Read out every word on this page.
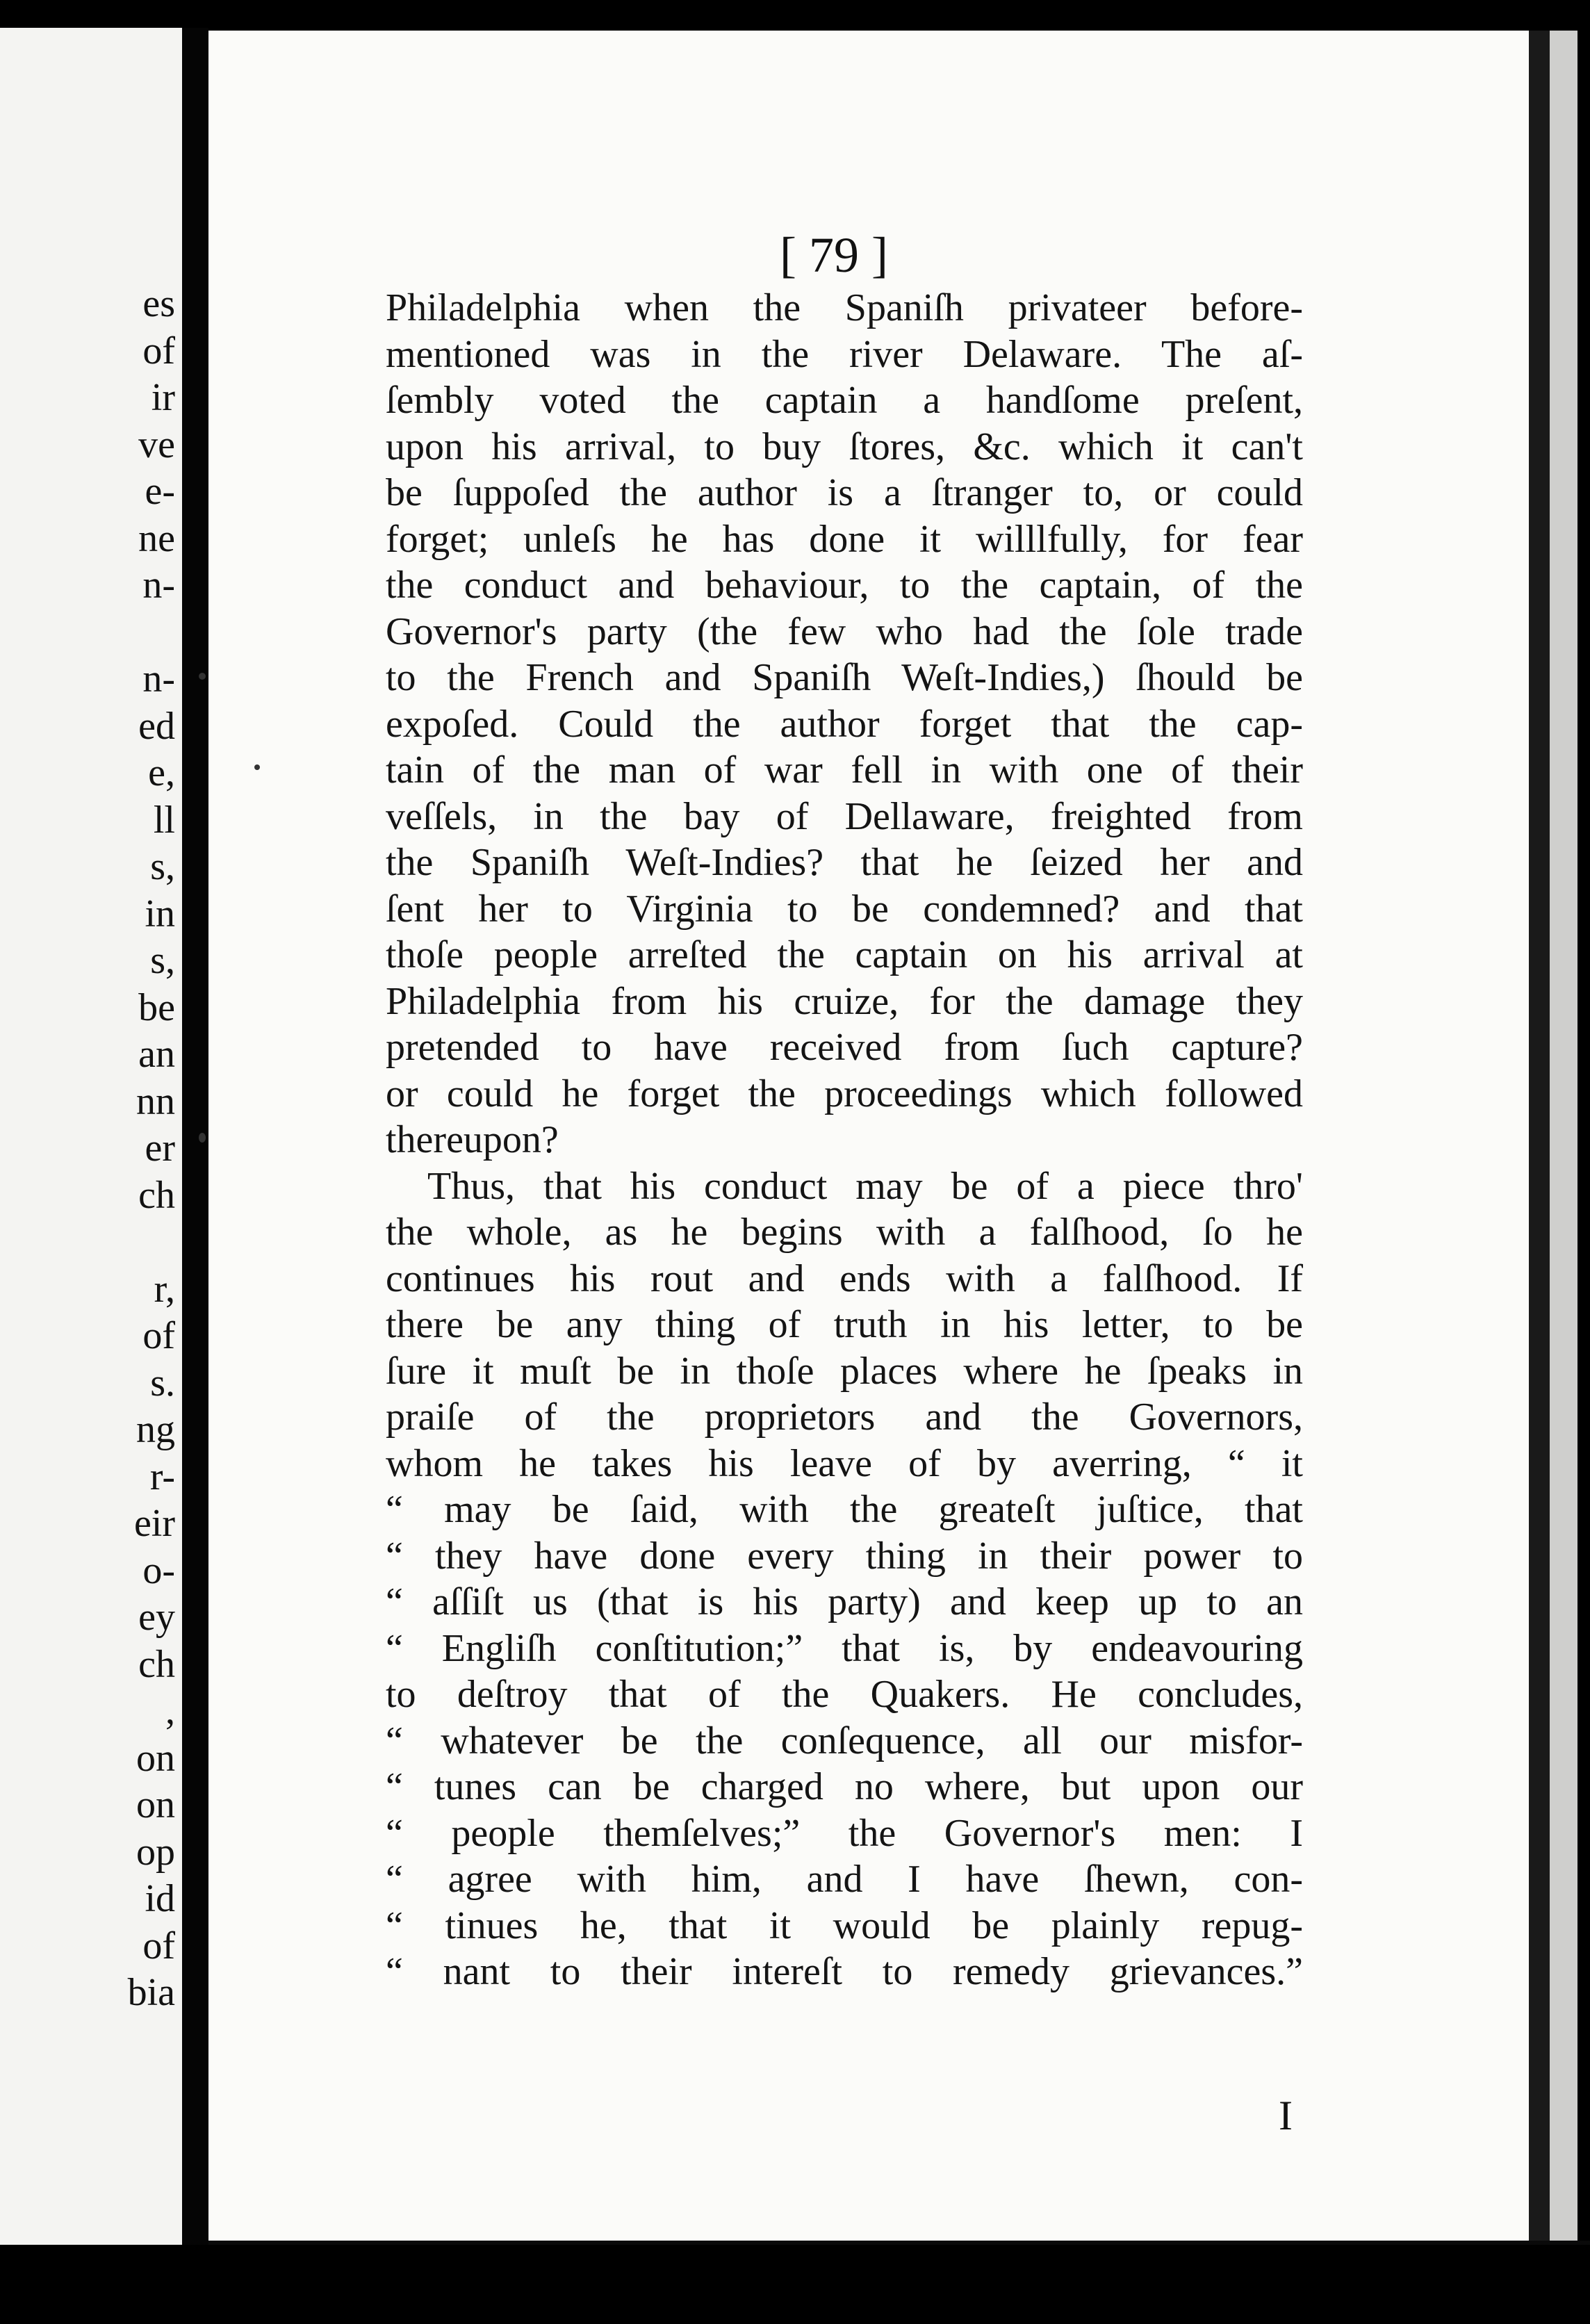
es
of
ir
ve
e-
ne
n-
n-
ed
e,
ll
s,
in
s,
be
an
nn
er
ch
r,
of
s.
ng
r-
eir
o-
ey
ch
,
on
on
op
id
of
bia
[ 79 ]
Philadelphia when the Spaniſh privateer before-
mentioned was in the river Delaware. The aſ-
ſembly voted the captain a handſome preſent,
upon his arrival, to buy ſtores, &c. which it can't
be ſuppoſed the author is a ſtranger to, or could
forget; unleſs he has done it willlfully, for fear
the conduct and behaviour, to the captain, of the
Governor's party (the few who had the ſole trade
to the French and Spaniſh Weſt-Indies,) ſhould be
expoſed. Could the author forget that the cap-
tain of the man of war fell in with one of their
veſſels, in the bay of Dellaware, freighted from
the Spaniſh Weſt-Indies? that he ſeized her and
ſent her to Virginia to be condemned? and that
thoſe people arreſted the captain on his arrival at
Philadelphia from his cruize, for the damage they
pretended to have received from ſuch capture?
or could he forget the proceedings which followed
thereupon?
Thus, that his conduct may be of a piece thro'
the whole, as he begins with a falſhood, ſo he
continues his rout and ends with a falſhood. If
there be any thing of truth in his letter, to be
ſure it muſt be in thoſe places where he ſpeaks in
praiſe of the proprietors and the Governors,
whom he takes his leave of by averring, “ it
“ may be ſaid, with the greateſt juſtice, that
“ they have done every thing in their power to
“ aſſiſt us (that is his party) and keep up to an
“ Engliſh conſtitution;” that is, by endeavouring
to deſtroy that of the Quakers. He concludes,
“ whatever be the conſequence, all our misfor-
“ tunes can be charged no where, but upon our
“ people themſelves;” the Governor's men: I
“ agree with him, and I have ſhewn, con-
“ tinues he, that it would be plainly repug-
“ nant to their intereſt to remedy grievances.”
I
